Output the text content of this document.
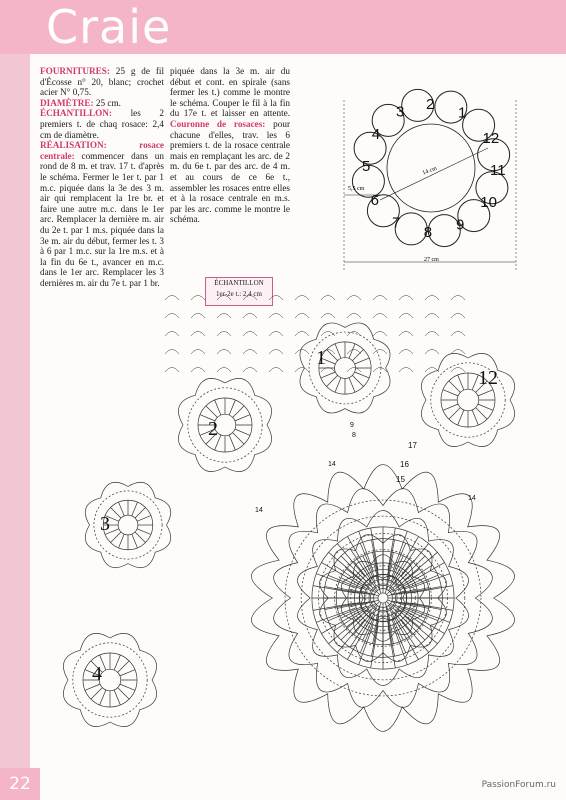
Craie
FOURNITURES: 25 g de fil d'Écosse n° 20, blanc; crochet acier N° 0,75.
DIAMÈTRE: 25 cm.
ÉCHANTILLON: les 2 premiers t. de chaq rosace: 2,4 cm de diamètre.
RÉALISATION: rosace centrale: commencer dans un rond de 8 m. et trav. 17 t. d'après le schéma. Fermer le 1er t. par 1 m.c. piquée dans la 3e des 3 m. air qui remplacent la 1re br. et faire une autre m.c. dans le 1er arc. Remplacer la dernière m. air du 2e t. par 1 m.s. piquée dans la 3e m. air du début, fermer les t. 3 à 6 par 1 m.c. sur la 1re m.s. et à la fin du 6e t., avancer en m.c. dans le 1er arc. Remplacer les 3 dernières m. air du 7e t. par 1 br.
piquée dans la 3e m. air du début et cont. en spirale (sans fermer les t.) comme le montre le schéma. Couper le fil à la fin du 17e t. et laisser en attente. Couronne de rosaces: pour chacune d'elles, trav. les 6 premiers t. de la rosace centrale mais en remplaçant les arc. de 2 m. du 6e t. par des arc. de 4 m. et au cours de ce 6e t., assembler les rosaces entre elles et à la rosace centrale en m.s. par les arc. comme le montre le schéma.
ÉCHANTILLON
1er-2e t.: 2,4 cm
14 cm
5,5 cm
27 cm
1
2
3
4
5
6
7
8 9
10
11
12
1
2
3
4
12
17
16
15
14
14
14
9
8
22	PassionForum.ru
